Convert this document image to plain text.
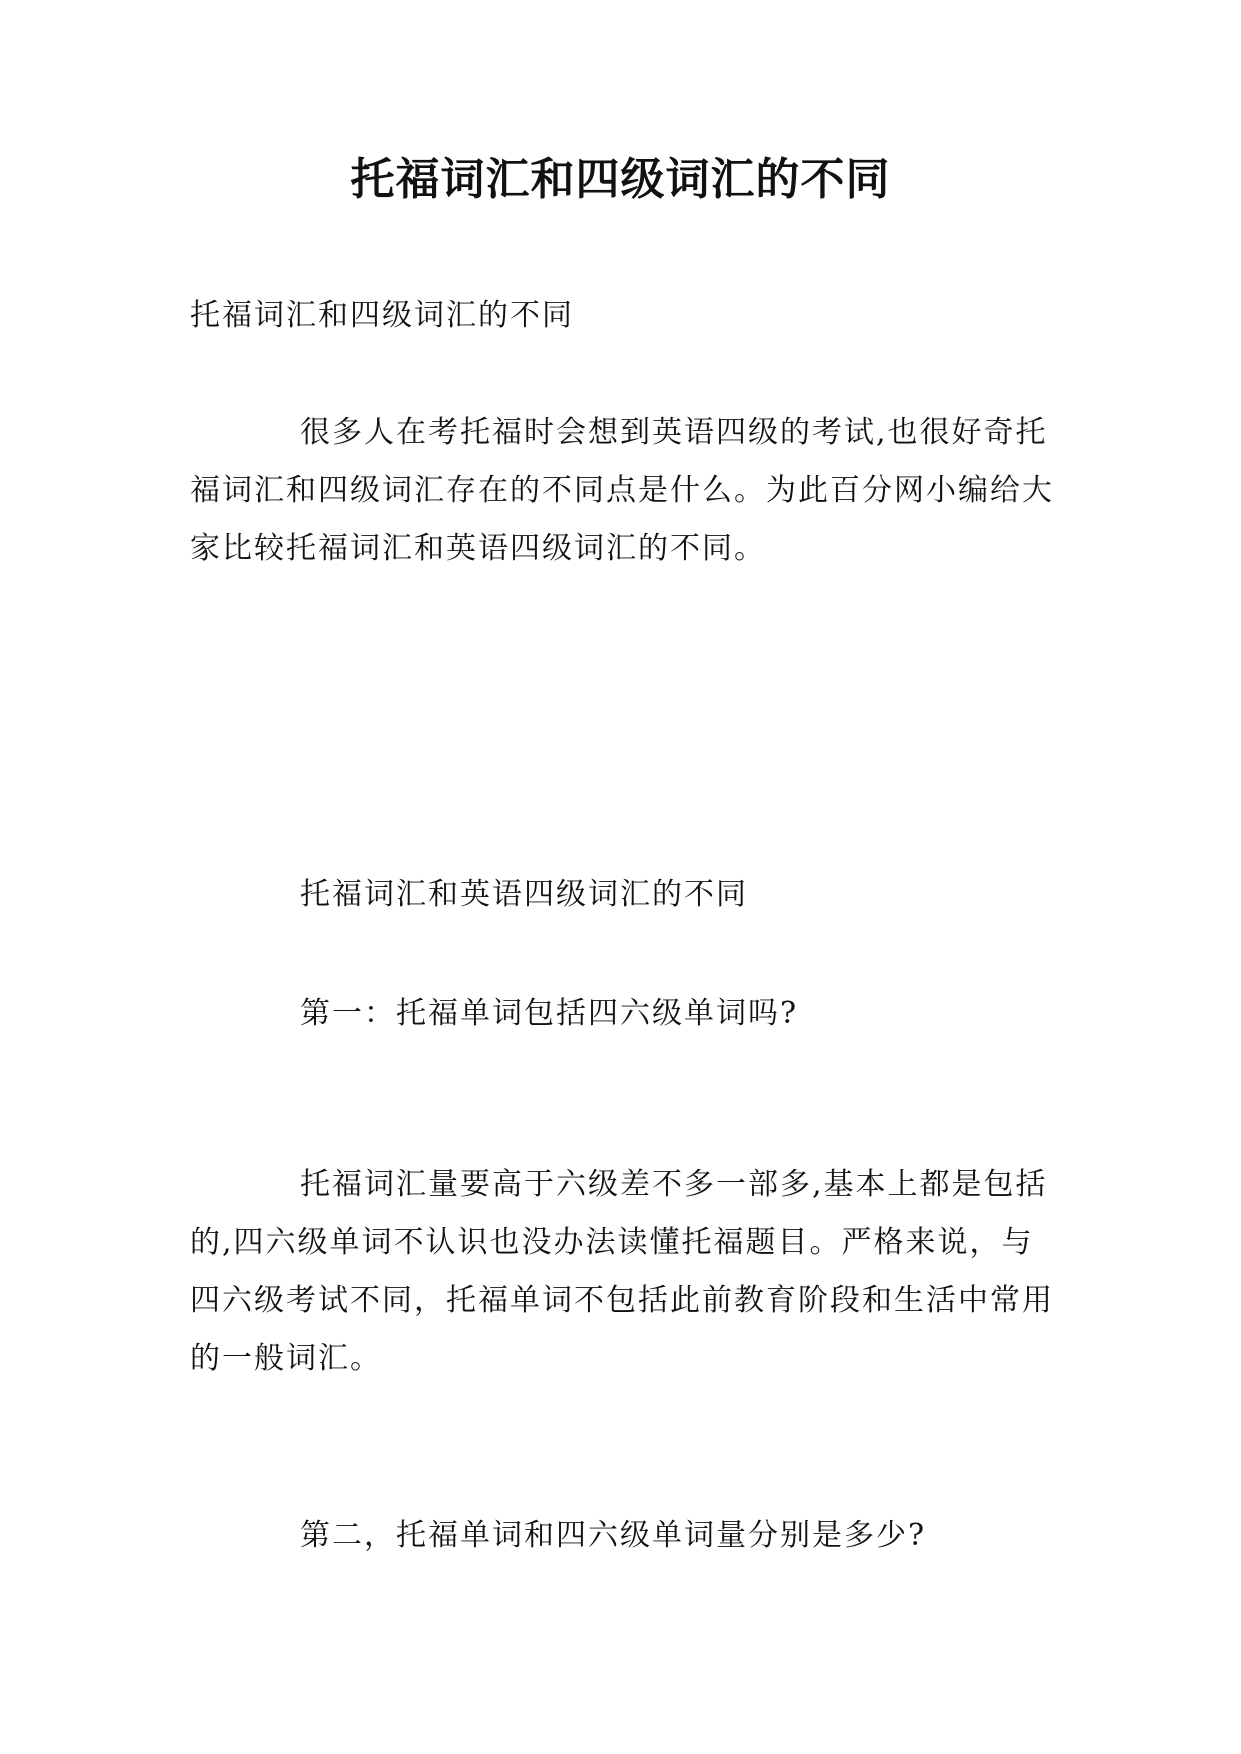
托福词汇和四级词汇的不同
托福词汇和四级词汇的不同
很多人在考托福时会想到英语四级的考试,也很好奇托福词汇和四级词汇存在的不同点是什么。为此百分网小编给大家比较托福词汇和英语四级词汇的不同。
托福词汇和英语四级词汇的不同
第一：托福单词包括四六级单词吗?
托福词汇量要高于六级差不多一部多,基本上都是包括的,四六级单词不认识也没办法读懂托福题目。严格来说，与四六级考试不同，托福单词不包括此前教育阶段和生活中常用的一般词汇。
第二，托福单词和四六级单词量分别是多少?
